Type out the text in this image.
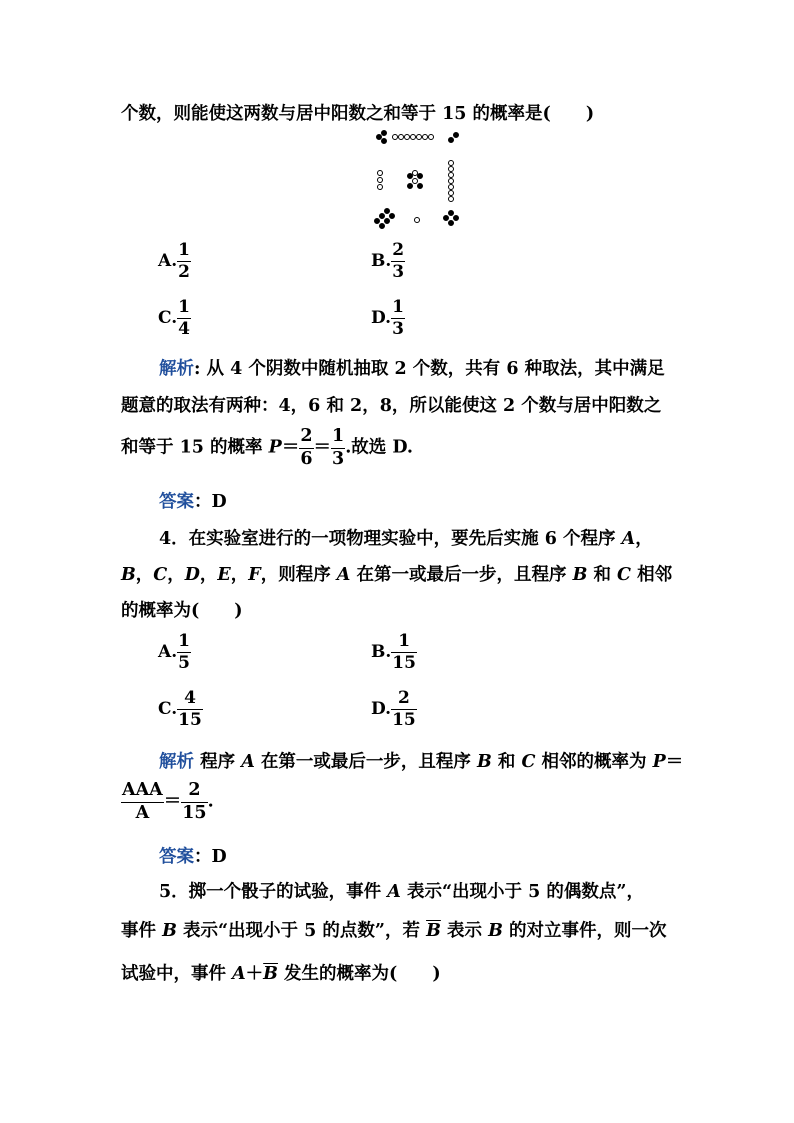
个数，则能使这两数与居中阳数之和等于 15 的概率是(　　)
A. $\frac{1}{2}$	B. $\frac{2}{3}$
C. $\frac{1}{4}$	D. $\frac{1}{3}$
解析: 从 4 个阴数中随机抽取 2 个数，共有 6 种取法，其中满足
题意的取法有两种：4，6 和 2，8，所以能使这 2 个数与居中阳数之
和等于 15 的概率 $P= \frac{2}{6} = \frac{1}{3}$ .故选 D.
答案：D
4．在实验室进行的一项物理实验中，要先后实施 6 个程序 A，
B，C，D，E，F，则程序 A 在第一或最后一步，且程序 B 和 C 相邻
的概率为(　　)
A. $\frac{1}{5}$	B. $\frac{1}{15}$
C. $\frac{4}{15}$	D. $\frac{2}{15}$
解析 程序 A 在第一或最后一步，且程序 B 和 C 相邻的概率为 P＝
$\frac{\text{AAA}}{A} = \frac{2}{15}$ .
答案：D
5．掷一个骰子的试验，事件 A 表示“出现小于 5 的偶数点”，
事件 B 表示“出现小于 5 的点数”，若 $\overline{B}$ 表示 B 的对立事件，则一次
试验中，事件 $A+\overline{B}$ 发生的概率为(　　)
